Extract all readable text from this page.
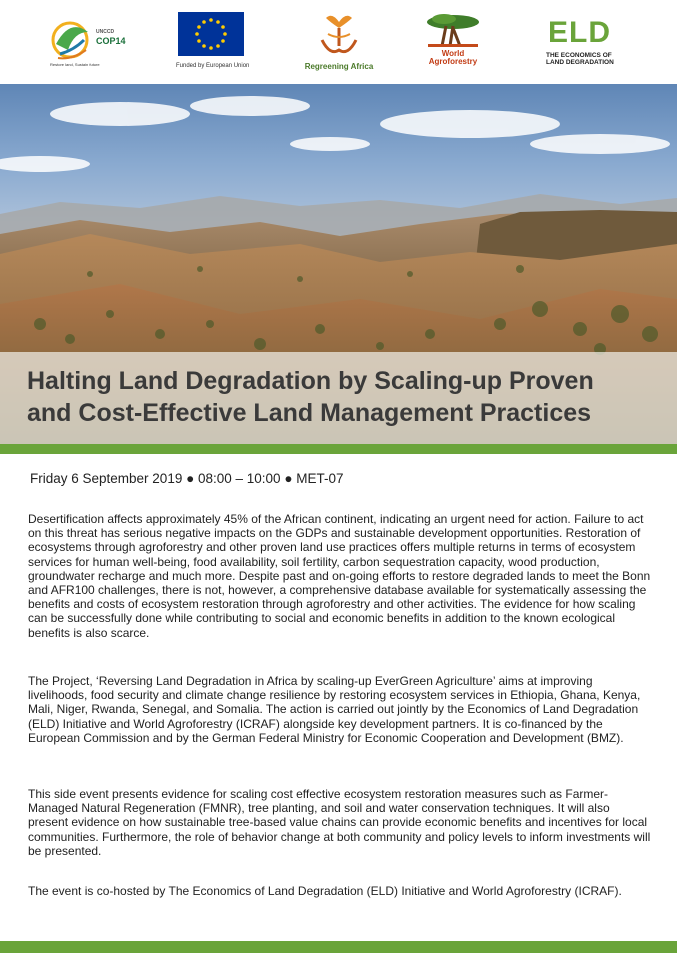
UNCCD
COP14
Restore land, Sustain future	Funded by European Union	Regreening Africa
World
Agroforestry
ELD
THE ECONOMICS OF
LAND DEGRADATION
Halting Land Degradation by Scaling-up Proven
and Cost-Effective Land Management Practices
Friday 6 September 2019 ● 08:00 – 10:00 ● MET-07

Desertification affects approximately 45% of the African continent, indicating an urgent need for action. Failure to act on this threat has serious negative impacts on the GDPs and sustainable development opportunities. Restoration of ecosystems through agroforestry and other proven land use practices offers multiple returns in terms of ecosystem services for human well-being, food availability, soil fertility, carbon sequestration capacity, wood production, groundwater recharge and much more. Despite past and on-going efforts to restore degraded lands to meet the Bonn and AFR100 challenges, there is not, however, a comprehensive database available for systematically assessing the benefits and costs of ecosystem restoration through agroforestry and other activities. The evidence for how scaling can be successfully done while contributing to social and economic benefits in addition to the known ecological benefits is also scarce.

The Project, ‘Reversing Land Degradation in Africa by scaling-up EverGreen Agriculture’ aims at improving livelihoods, food security and climate change resilience by restoring ecosystem services in Ethiopia, Ghana, Kenya, Mali, Niger, Rwanda, Senegal, and Somalia. The action is carried out jointly by the Economics of Land Degradation (ELD) Initiative and World Agroforestry (ICRAF) alongside key development partners. It is co-financed by the European Commission and by the German Federal Ministry for Economic Cooperation and Development (BMZ).

This side event presents evidence for scaling cost effective ecosystem restoration measures such as Farmer-Managed Natural Regeneration (FMNR), tree planting, and soil and water conservation techniques. It will also present evidence on how sustainable tree-based value chains can provide economic benefits and incentives for local communities. Furthermore, the role of behavior change at both community and policy levels to inform investments will be presented.

The event is co-hosted by The Economics of Land Degradation (ELD) Initiative and World Agroforestry (ICRAF).
